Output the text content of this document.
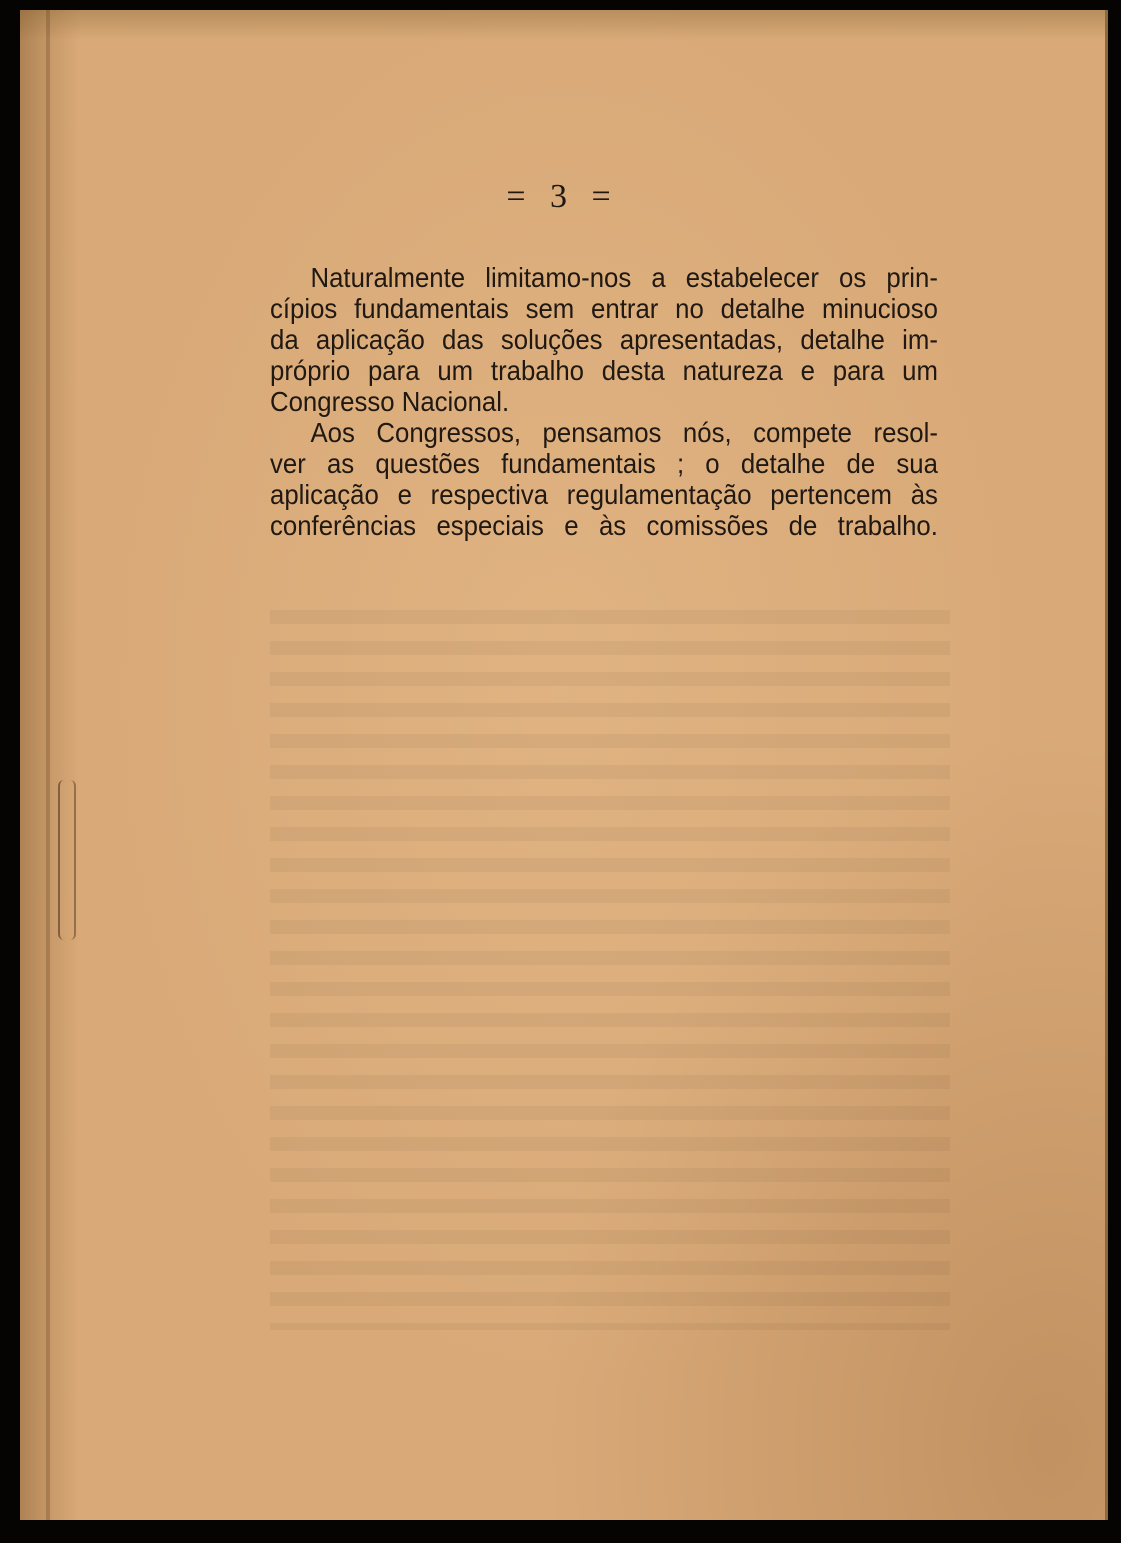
= 3 =
Naturalmente limitamo-nos a estabelecer os prin-
cípios fundamentais sem entrar no detalhe minucioso
da aplicação das soluções apresentadas, detalhe im-
próprio para um trabalho desta natureza e para um
Congresso Nacional.
Aos Congressos, pensamos nós, compete resol-
ver as questões fundamentais ; o detalhe de sua
aplicação e respectiva regulamentação pertencem às
conferências especiais e às comissões de trabalho.
